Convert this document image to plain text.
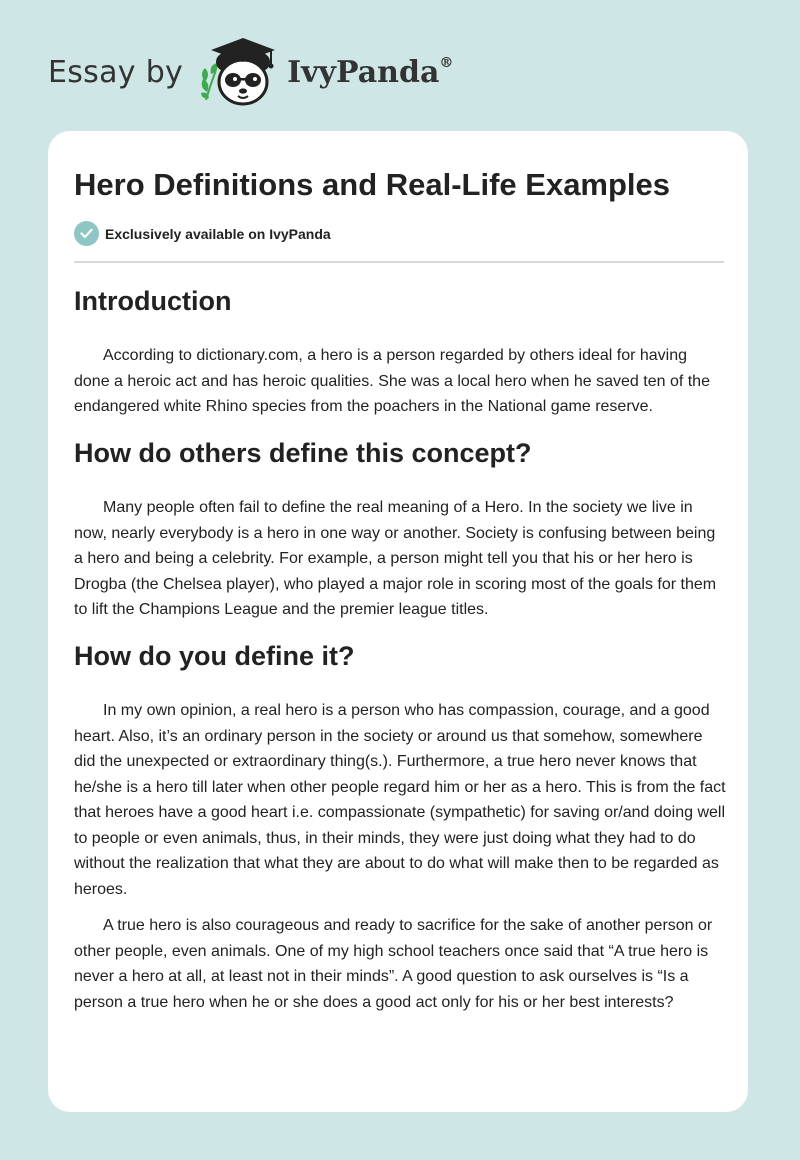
Essay by	IvyPanda®
Hero Definitions and Real-Life Examples
Exclusively available on IvyPanda
Introduction

According to dictionary.com, a hero is a person regarded by others ideal for having done a heroic act and has heroic qualities. She was a local hero when he saved ten of the endangered white Rhino species from the poachers in the National game reserve.

How do others define this concept?

Many people often fail to define the real meaning of a Hero. In the society we live in now, nearly everybody is a hero in one way or another. Society is confusing between being a hero and being a celebrity. For example, a person might tell you that his or her hero is Drogba (the Chelsea player), who played a major role in scoring most of the goals for them to lift the Champions League and the premier league titles.

How do you define it?

In my own opinion, a real hero is a person who has compassion, courage, and a good heart. Also, it’s an ordinary person in the society or around us that somehow, somewhere did the unexpected or extraordinary thing(s.). Furthermore, a true hero never knows that he/she is a hero till later when other people regard him or her as a hero. This is from the fact that heroes have a good heart i.e. compassionate (sympathetic) for saving or/and doing well to people or even animals, thus, in their minds, they were just doing what they had to do without the realization that what they are about to do what will make then to be regarded as heroes.

A true hero is also courageous and ready to sacrifice for the sake of another person or other people, even animals. One of my high school teachers once said that “A true hero is never a hero at all, at least not in their minds”. A good question to ask ourselves is “Is a person a true hero when he or she does a good act only for his or her best interests?
